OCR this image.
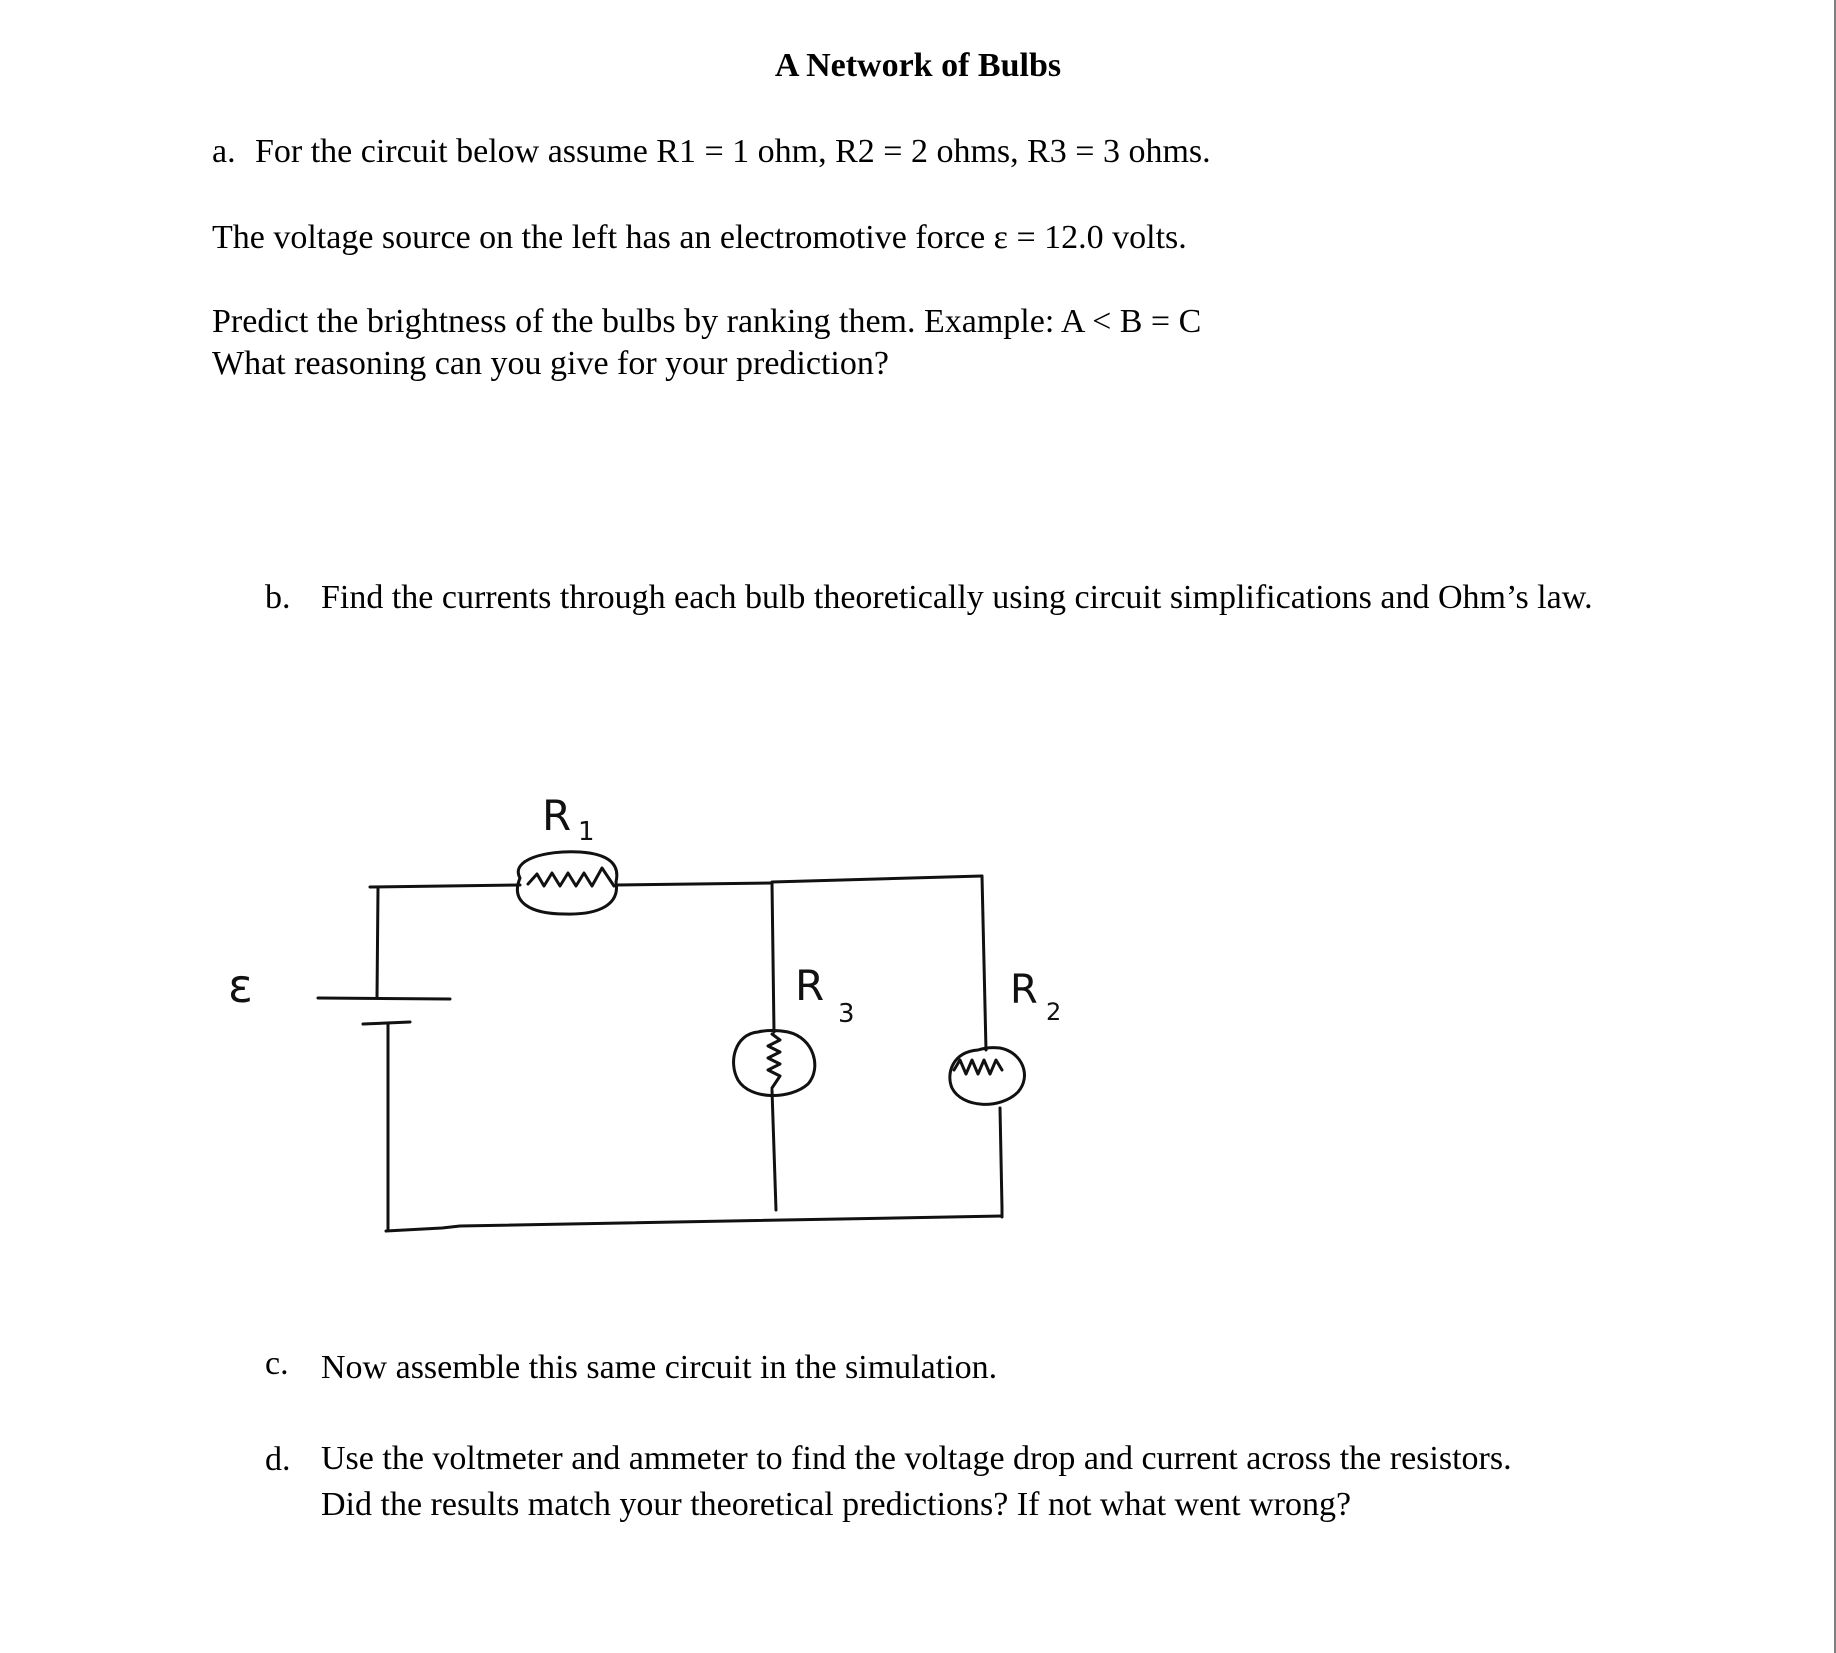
A Network of Bulbs
a. For the circuit below assume R1 = 1 ohm, R2 = 2 ohms, R3 = 3 ohms.
The voltage source on the left has an electromotive force ε = 12.0 volts.
Predict the brightness of the bulbs by ranking them. Example: A < B = C
What reasoning can you give for your prediction?
b. Find the currents through each bulb theoretically using circuit simplifications and Ohm’s law.
ε
R 1
R
3
R 2
c. Now assemble this same circuit in the simulation.
d. Use the voltmeter and ammeter to find the voltage drop and current across the resistors.
Did the results match your theoretical predictions? If not what went wrong?
